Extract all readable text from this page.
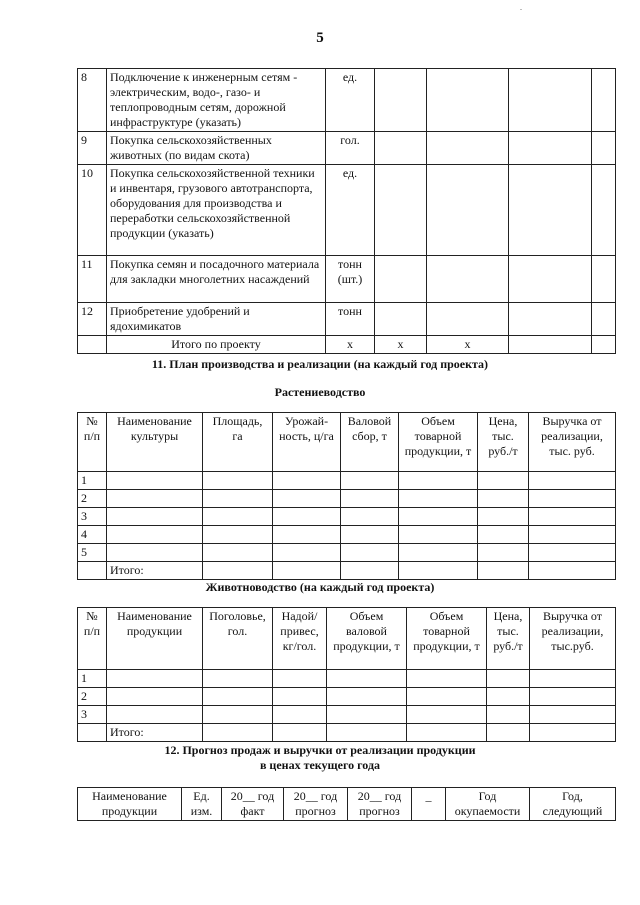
.
5
8	Подключение к инженерным сетям - электрическим, водо-, газо- и теплопроводным сетям, дорожной инфраструктуре (указать)	ед.				
9	Покупка сельскохозяйственных животных (по видам скота)	гол.				
10	Покупка сельскохозяйственной техники и инвентаря, грузового автотранспорта, оборудования для производства и переработки сельскохозяйственной продукции (указать)	ед.				
11	Покупка семян и посадочного материала для закладки многолетних насаждений	тонн (шт.)				
12	Приобретение удобрений и ядохимикатов	тонн				
	Итого по проекту	х	х	х		
11. План производства и реализации (на каждый год проекта)
Растениеводство
№ п/п	Наименование культуры	Площадь, га	Урожай-ность, ц/га	Валовой сбор, т	Объем товарной продукции, т	Цена, тыс. руб./т	Выручка от реализации, тыс. руб.
1							
2							
3							
4							
5							
	Итого:						
Животноводство (на каждый год проекта)
№ п/п	Наименование продукции	Поголовье, гол.	Надой/ привес, кг/гол.	Объем валовой продукции, т	Объем товарной продукции, т	Цена, тыс. руб./т	Выручка от реализации, тыс.руб.
1							
2							
3							
	Итого:						
12. Прогноз продаж и выручки от реализации продукции
в ценах текущего года
Наименование продукции	Ед. изм.	20__ год факт	20__ год прогноз	20__ год прогноз	_	Год окупаемости	Год, следующий
